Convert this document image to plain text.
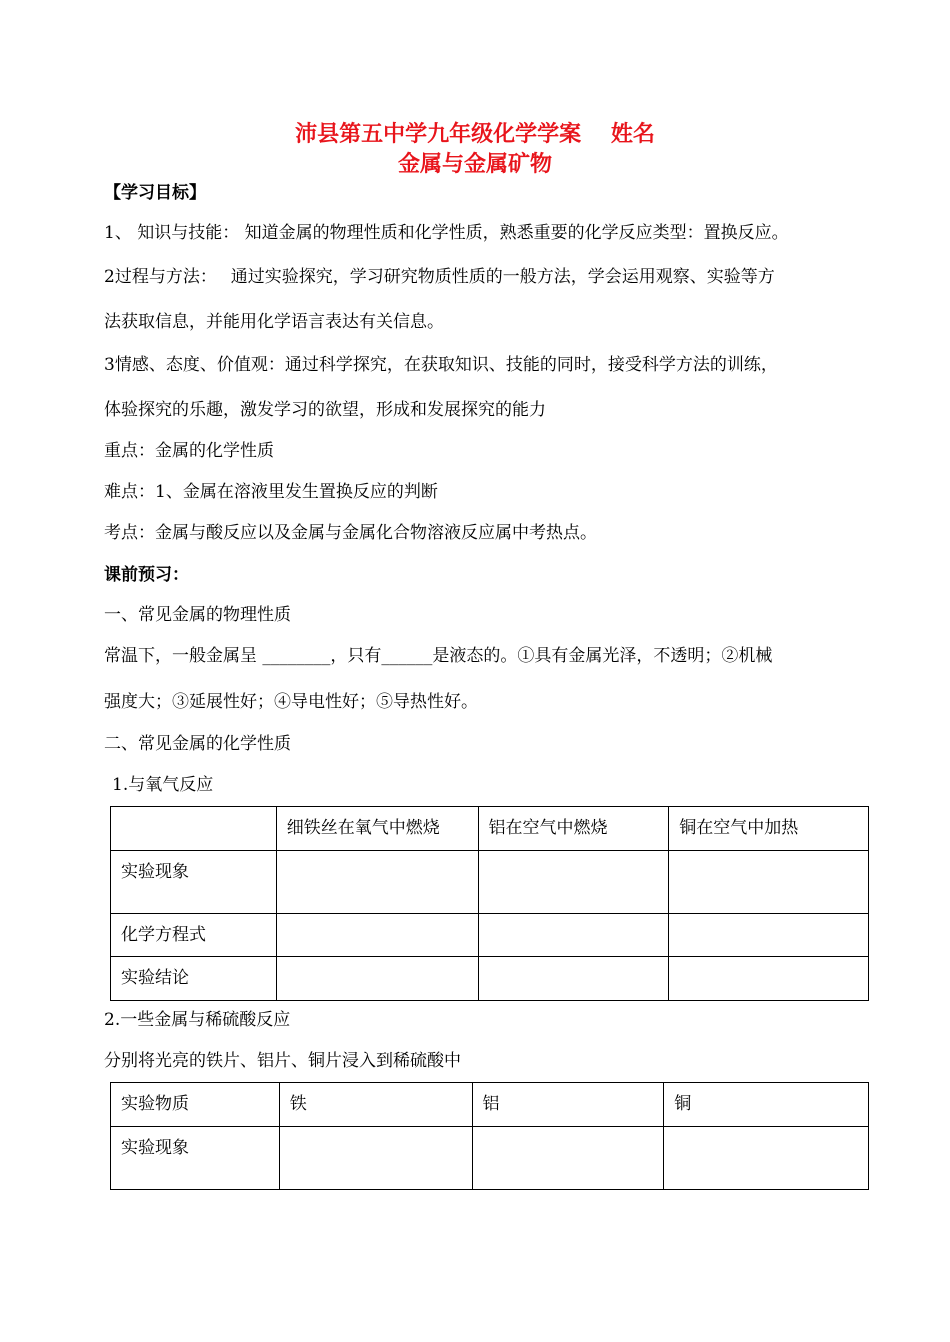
沛县第五中学九年级化学学案　 姓名
金属与金属矿物
【学习目标】
1、 知识与技能： 知道金属的物理性质和化学性质，熟悉重要的化学反应类型：置换反应。
2过程与方法：　 通过实验探究，学习研究物质性质的一般方法，学会运用观察、实验等方
法获取信息，并能用化学语言表达有关信息。
3情感、态度、价值观：通过科学探究，在获取知识、技能的同时，接受科学方法的训练，
体验探究的乐趣，激发学习的欲望，形成和发展探究的能力
重点：金属的化学性质
难点：1、金属在溶液里发生置换反应的判断
考点：金属与酸反应以及金属与金属化合物溶液反应属中考热点。
课前预习：
一、常见金属的物理性质
常温下，一般金属呈 ________，只有______是液态的。①具有金属光泽，不透明；②机械
强度大；③延展性好；④导电性好；⑤导热性好。
二、常见金属的化学性质
1.与氧气反应
	细铁丝在氧气中燃烧	铝在空气中燃烧	铜在空气中加热
实验现象			
化学方程式			
实验结论			
2.一些金属与稀硫酸反应
分别将光亮的铁片、铝片、铜片浸入到稀硫酸中
实验物质	铁	铝	铜
实验现象			
